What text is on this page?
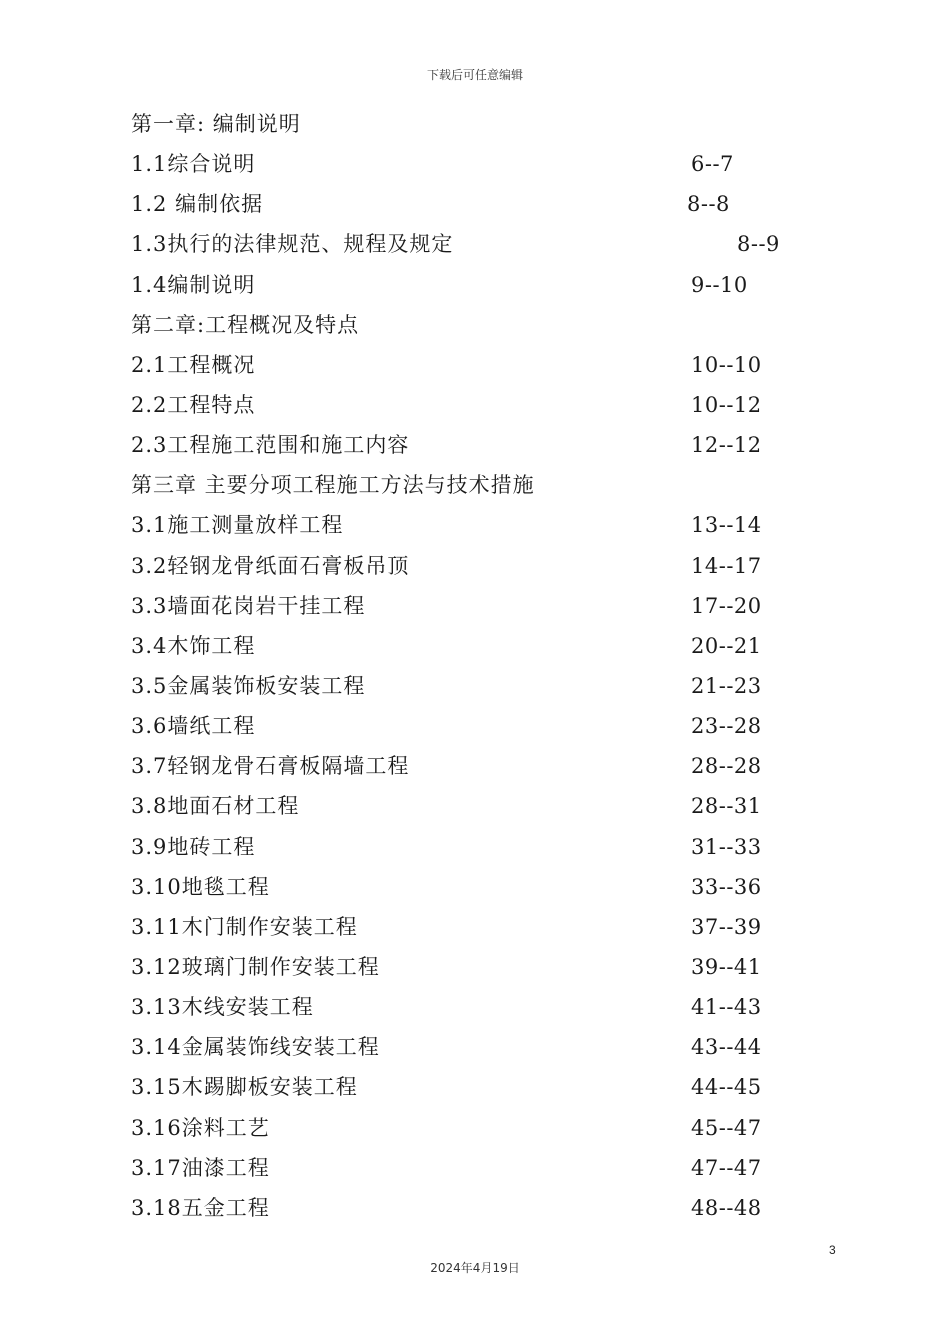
下载后可任意编辑
第一章: 编制说明
1.1综合说明	6--7
1.2 编制依据	8--8
1.3执行的法律规范、规程及规定	8--9
1.4编制说明	9--10
第二章:工程概况及特点
2.1工程概况	10--10
2.2工程特点	10--12
2.3工程施工范围和施工内容	12--12
第三章 主要分项工程施工方法与技术措施
3.1施工测量放样工程	13--14
3.2轻钢龙骨纸面石膏板吊顶	14--17
3.3墙面花岗岩干挂工程	17--20
3.4木饰工程	20--21
3.5金属装饰板安装工程	21--23
3.6墙纸工程	23--28
3.7轻钢龙骨石膏板隔墙工程	28--28
3.8地面石材工程	28--31
3.9地砖工程	31--33
3.10地毯工程	33--36
3.11木门制作安装工程	37--39
3.12玻璃门制作安装工程	39--41
3.13木线安装工程	41--43
3.14金属装饰线安装工程	43--44
3.15木踢脚板安装工程	44--45
3.16涂料工艺	45--47
3.17油漆工程	47--47
3.18五金工程	48--48
3
2024年4月19日
